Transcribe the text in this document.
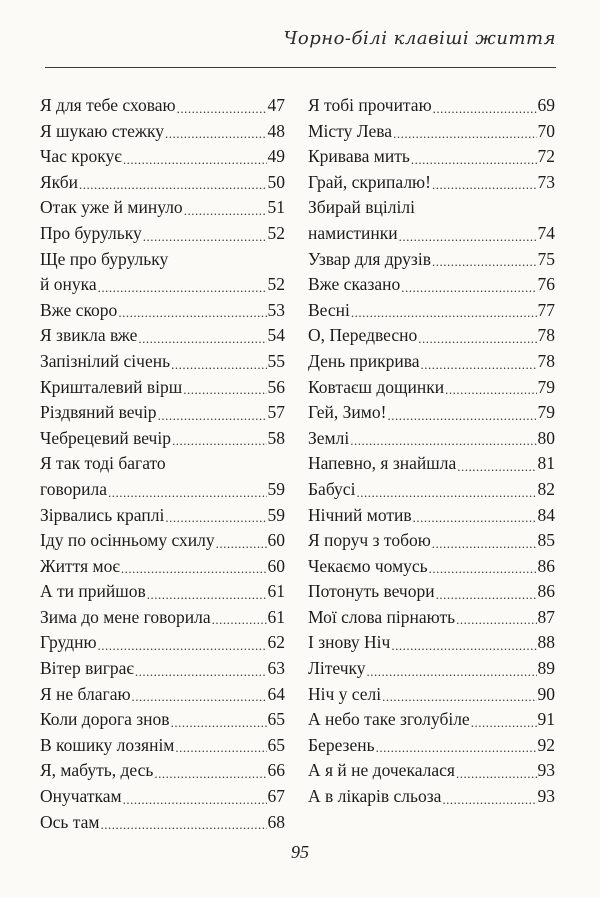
Чорно-білі клавіші життя
Я для тебе сховаю .....	47
Я шукаю стежку .....	48
Час крокує .....	49
Якби .....	50
Отак уже й минуло .....	51
Про бурульку .....	52
Ще про бурульку
й онука .....	52
Вже скоро .....	53
Я звикла вже .....	54
Запізнілий січень .....	55
Кришталевий вірш .....	56
Різдвяний вечір .....	57
Чебрецевий вечір .....	58
Я так тоді багато
говорила .....	59
Зірвались краплі .....	59
Іду по осінньому схилу .....	60
Життя моє .....	60
А ти прийшов .....	61
Зима до мене говорила .....	61
Грудню .....	62
Вітер виграє .....	63
Я не благаю .....	64
Коли дорога знов .....	65
В кошику лозянім .....	65
Я, мабуть, десь .....	66
Онучаткам .....	67
Ось там .....	68
Я тобі прочитаю .....	69
Місту Лева .....	70
Кривава мить .....	72
Грай, скрипалю! .....	73
Збирай вцілілі
намистинки .....	74
Узвар для друзів .....	75
Вже сказано .....	76
Весні .....	77
О, Передвесно .....	78
День прикрива .....	78
Ковтаєш дощинки .....	79
Гей, Зимо! .....	79
Землі .....	80
Напевно, я знайшла .....	81
Бабусі .....	82
Нічний мотив .....	84
Я поруч з тобою .....	85
Чекаємо чомусь .....	86
Потонуть вечори .....	86
Мої слова пірнають .....	87
І знову Ніч .....	88
Літечку .....	89
Ніч у селі .....	90
А небо таке зголубіле .....	91
Березень .....	92
А я й не дочекалася .....	93
А в лікарів сльоза .....	93
95
